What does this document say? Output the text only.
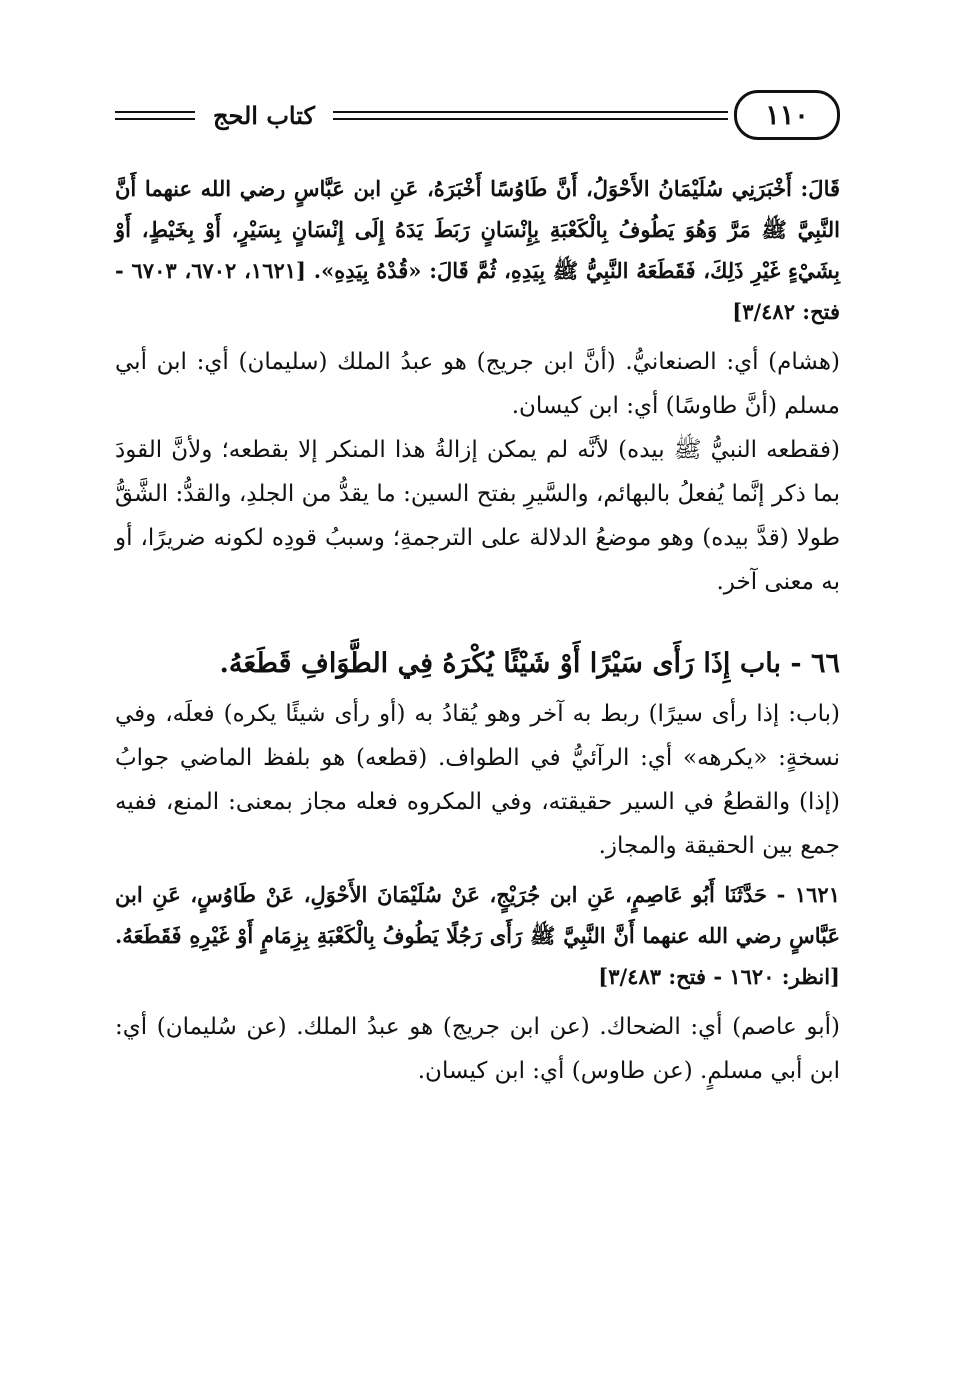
١١٠
كتاب الحج
قَالَ: أَخْبَرَنِي سُلَيْمَانُ الأَحْوَلُ، أَنَّ طَاوُسًا أَخْبَرَهُ، عَنِ ابن عَبَّاسٍ رضي الله عنهما أَنَّ النَّبِيَّ ﷺ مَرَّ وَهُوَ يَطُوفُ بِالْكَعْبَةِ بِإِنْسَانٍ رَبَطَ يَدَهُ إِلَى إِنْسَانٍ بِسَيْرٍ، أَوْ بِخَيْطٍ، أَوْ بِشَيْءٍ غَيْرِ ذَلِكَ، فَقَطَعَهُ النَّبِيُّ ﷺ بِيَدِهِ، ثُمَّ قَالَ: «قُدْهُ بِيَدِهِ». [١٦٢١، ٦٧٠٢، ٦٧٠٣ - فتح: ٣/٤٨٢]

(هشام) أي: الصنعانيُّ. (أنَّ ابن جريج) هو عبدُ الملك (سليمان) أي: ابن أبي مسلم (أنَّ طاوسًا) أي: ابن كيسان.

(فقطعه النبيُّ ﷺ بيده) لأنَّه لم يمكن إزالةُ هذا المنكر إلا بقطعه؛ ولأنَّ القودَ بما ذكر إنَّما يُفعلُ بالبهائم، والسَّيرِ بفتح السين: ما يقدُّ من الجلدِ، والقدُّ: الشَّقُّ طولا (قدَّ بيده) وهو موضعُ الدلالة على الترجمةِ؛ وسببُ قودِه لكونه ضريرًا، أو به معنى آخر.

٦٦ - باب إِذَا رَأَى سَيْرًا أَوْ شَيْئًا يُكْرَهُ فِي الطَّوَافِ قَطَعَهُ.

(باب: إذا رأى سيرًا) ربط به آخر وهو يُقادُ به (أو رأى شيئًا يكره) فعلَه، وفي نسخةٍ: «يكرهه» أي: الرآئيُّ في الطواف. (قطعه) هو بلفظ الماضي جوابُ (إذا) والقطعُ في السير حقيقته، وفي المكروه فعله مجاز بمعنى: المنع، ففيه جمع بين الحقيقة والمجاز.

١٦٢١ - حَدَّثَنَا أَبُو عَاصِمٍ، عَنِ ابن جُرَيْجٍ، عَنْ سُلَيْمَانَ الأَحْوَلِ، عَنْ طَاوُسٍ، عَنِ ابن عَبَّاسٍ رضي الله عنهما أَنَّ النَّبِيَّ ﷺ رَأَى رَجُلًا يَطُوفُ بِالْكَعْبَةِ بِزِمَامٍ أَوْ غَيْرِهِ فَقَطَعَهُ. [انظر: ١٦٢٠ - فتح: ٣/٤٨٣]

(أبو عاصم) أي: الضحاك. (عن ابن جريج) هو عبدُ الملك. (عن سُليمان) أي: ابن أبي مسلمٍ. (عن طاوس) أي: ابن كيسان.
